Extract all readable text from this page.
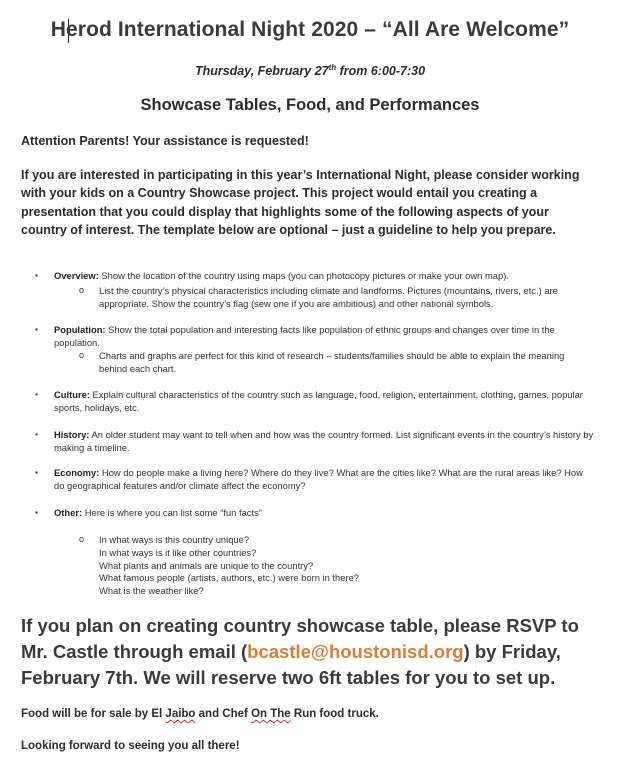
Herod International Night 2020 – “All Are Welcome”
Thursday, February 27th from 6:00-7:30
Showcase Tables, Food, and Performances
Attention Parents! Your assistance is requested!
If you are interested in participating in this year’s International Night, please consider working with your kids on a Country Showcase project. This project would entail you creating a presentation that you could display that highlights some of the following aspects of your country of interest. The template below are optional – just a guideline to help you prepare.
▪ Overview: Show the location of the country using maps (you can photocopy pictures or make your own map).
o List the country’s physical characteristics including climate and landforms. Pictures (mountains, rivers, etc.) are appropriate. Show the country’s flag (sew one if you are ambitious) and other national symbols.
▪ Population: Show the total population and interesting facts like population of ethnic groups and changes over time in the population.
o Charts and graphs are perfect for this kind of research – students/families should be able to explain the meaning behind each chart.
▪ Culture: Explain cultural characteristics of the country such as language, food, religion, entertainment, clothing, games, popular sports, holidays, etc.
▪ History: An older student may want to tell when and how was the country formed. List significant events in the country’s history by making a timeline.
▪ Economy: How do people make a living here? Where do they live? What are the cities like? What are the rural areas like? How do geographical features and/or climate affect the economy?
▪ Other: Here is where you can list some “fun facts”
o In what ways is this country unique?
In what ways is it like other countries?
What plants and animals are unique to the country?
What famous people (artists, authors, etc.) were born in there?
What is the weather like?
If you plan on creating country showcase table, please RSVP to Mr. Castle through email (bcastle@houstonisd.org) by Friday, February 7th. We will reserve two 6ft tables for you to set up.
Food will be for sale by El Jaibo and Chef On The Run food truck.
Looking forward to seeing you all there!
